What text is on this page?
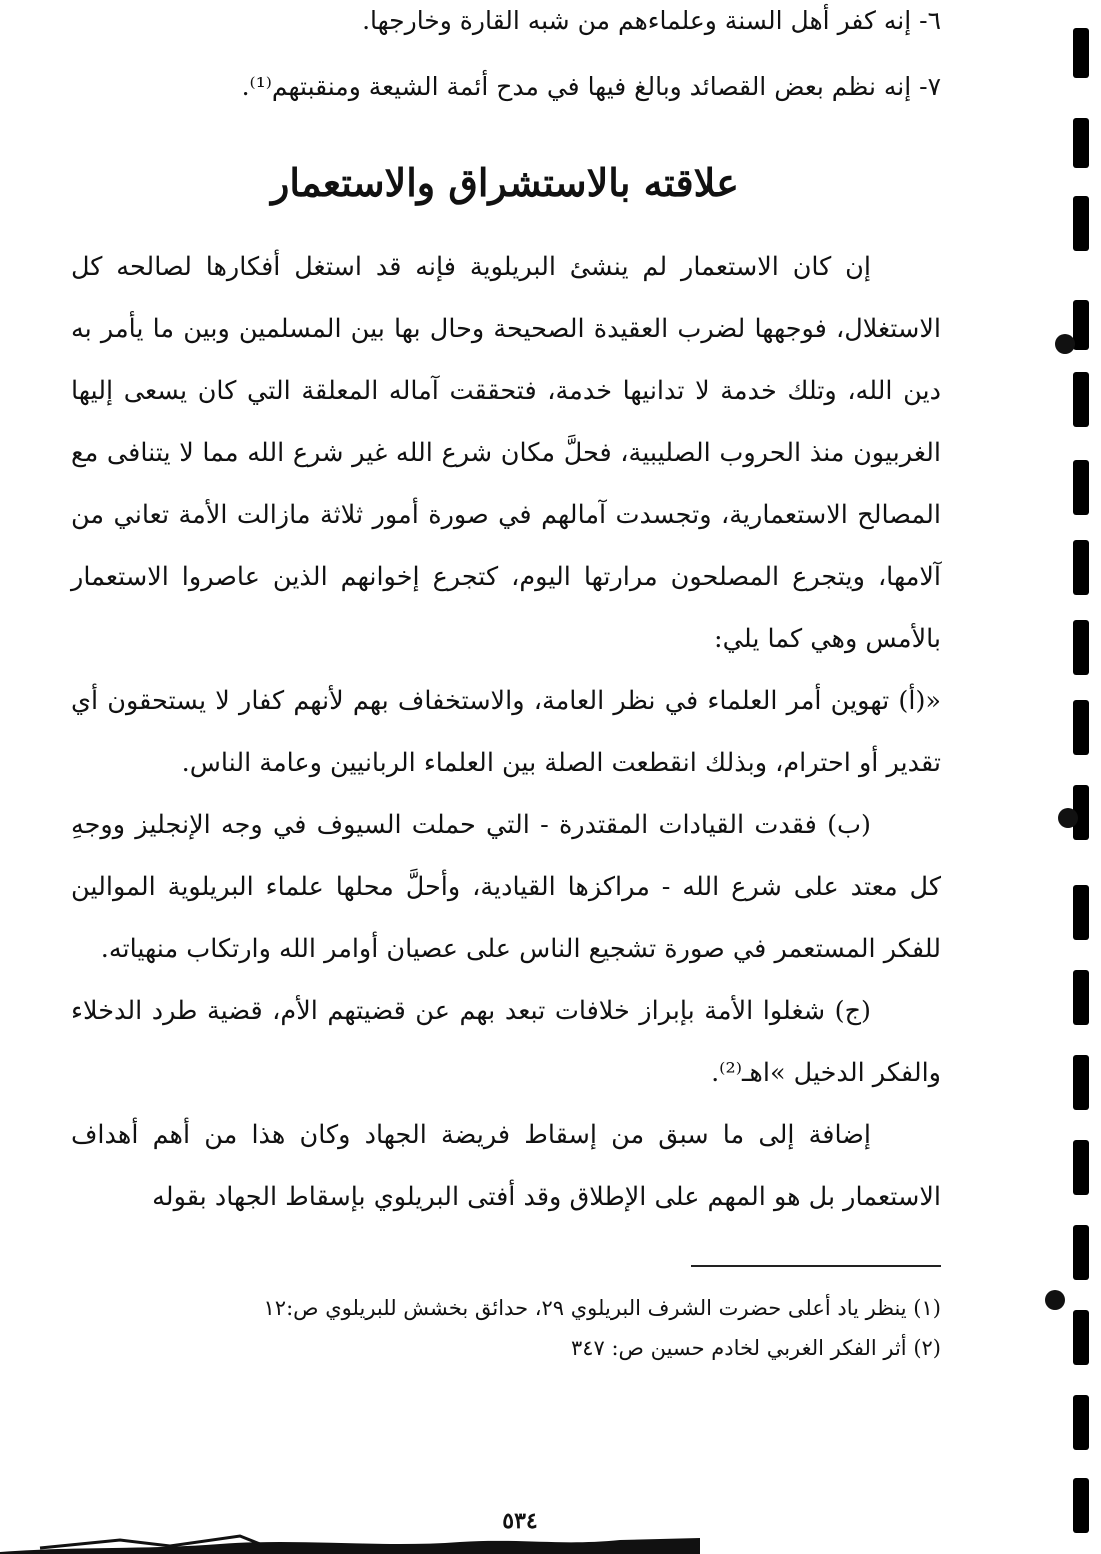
٦- إنه كفر أهل السنة وعلماءهم من شبه القارة وخارجها.
٧- إنه نظم بعض القصائد وبالغ فيها في مدح أئمة الشيعة ومنقبتهم⁽¹⁾.
علاقته بالاستشراق والاستعمار

إن كان الاستعمار لم ينشئ البريلوية فإنه قد استغل أفكارها لصالحه كل الاستغلال، فوجهها لضرب العقيدة الصحيحة وحال بها بين المسلمين وبين ما يأمر به دين الله، وتلك خدمة لا تدانيها خدمة، فتحققت آماله المعلقة التي كان يسعى إليها الغربيون منذ الحروب الصليبية، فحلَّ مكان شرع الله غير شرع الله مما لا يتنافى مع المصالح الاستعمارية، وتجسدت آمالهم في صورة أمور ثلاثة مازالت الأمة تعاني من آلامها، ويتجرع المصلحون مرارتها اليوم، كتجرع إخوانهم الذين عاصروا الاستعمار بالأمس وهي كما يلي:

«(أ) تهوين أمر العلماء في نظر العامة، والاستخفاف بهم لأنهم كفار لا يستحقون أي تقدير أو احترام، وبذلك انقطعت الصلة بين العلماء الربانيين وعامة الناس.

(ب) فقدت القيادات المقتدرة - التي حملت السيوف في وجه الإنجليز ووجهِ كل معتد على شرع الله - مراكزها القيادية، وأحلَّ محلها علماء البريلوية الموالين للفكر المستعمر في صورة تشجيع الناس على عصيان أوامر الله وارتكاب منهياته.

(ج) شغلوا الأمة بإبراز خلافات تبعد بهم عن قضيتهم الأم، قضية طرد الدخلاء والفكر الدخيل »اهـ⁽²⁾.

إضافة إلى ما سبق من إسقاط فريضة الجهاد وكان هذا من أهم أهداف الاستعمار بل هو المهم على الإطلاق وقد أفتى البريلوي بإسقاط الجهاد بقوله

(١) ينظر ياد أعلى حضرت الشرف البريلوي ٢٩، حدائق بخشش للبريلوي ص:١٢
(٢) أثر الفكر الغربي لخادم حسين ص: ٣٤٧
٥٣٤
